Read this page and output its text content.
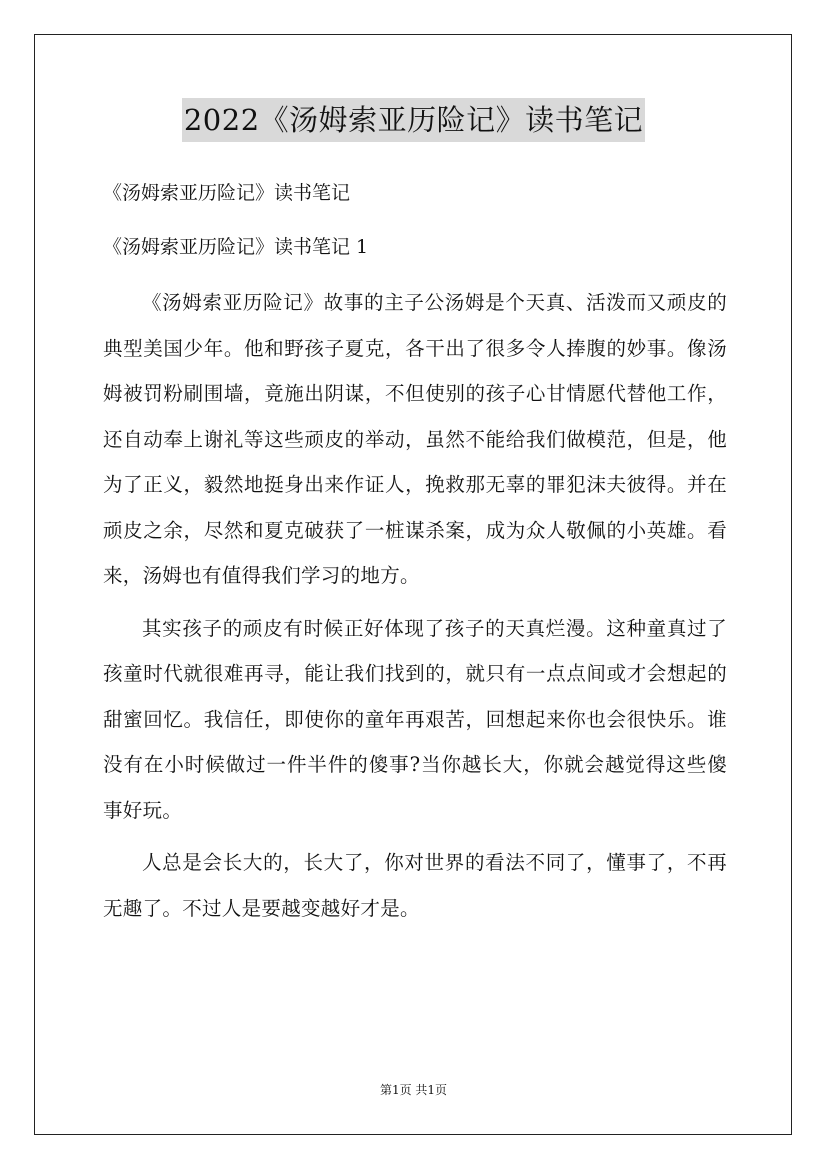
2022《汤姆索亚历险记》读书笔记
《汤姆索亚历险记》读书笔记
《汤姆索亚历险记》读书笔记 1

《汤姆索亚历险记》故事的主子公汤姆是个天真、活泼而又顽皮的典型美国少年。他和野孩子夏克，各干出了很多令人捧腹的妙事。像汤姆被罚粉刷围墙，竟施出阴谋，不但使别的孩子心甘情愿代替他工作，还自动奉上谢礼等这些顽皮的举动，虽然不能给我们做模范，但是，他为了正义，毅然地挺身出来作证人，挽救那无辜的罪犯沫夫彼得。并在顽皮之余，尽然和夏克破获了一桩谋杀案，成为众人敬佩的小英雄。看来，汤姆也有值得我们学习的地方。

其实孩子的顽皮有时候正好体现了孩子的天真烂漫。这种童真过了孩童时代就很难再寻，能让我们找到的，就只有一点点间或才会想起的甜蜜回忆。我信任，即使你的童年再艰苦，回想起来你也会很快乐。谁没有在小时候做过一件半件的傻事?当你越长大，你就会越觉得这些傻事好玩。

人总是会长大的，长大了，你对世界的看法不同了，懂事了，不再无趣了。不过人是要越变越好才是。

第1页 共1页
